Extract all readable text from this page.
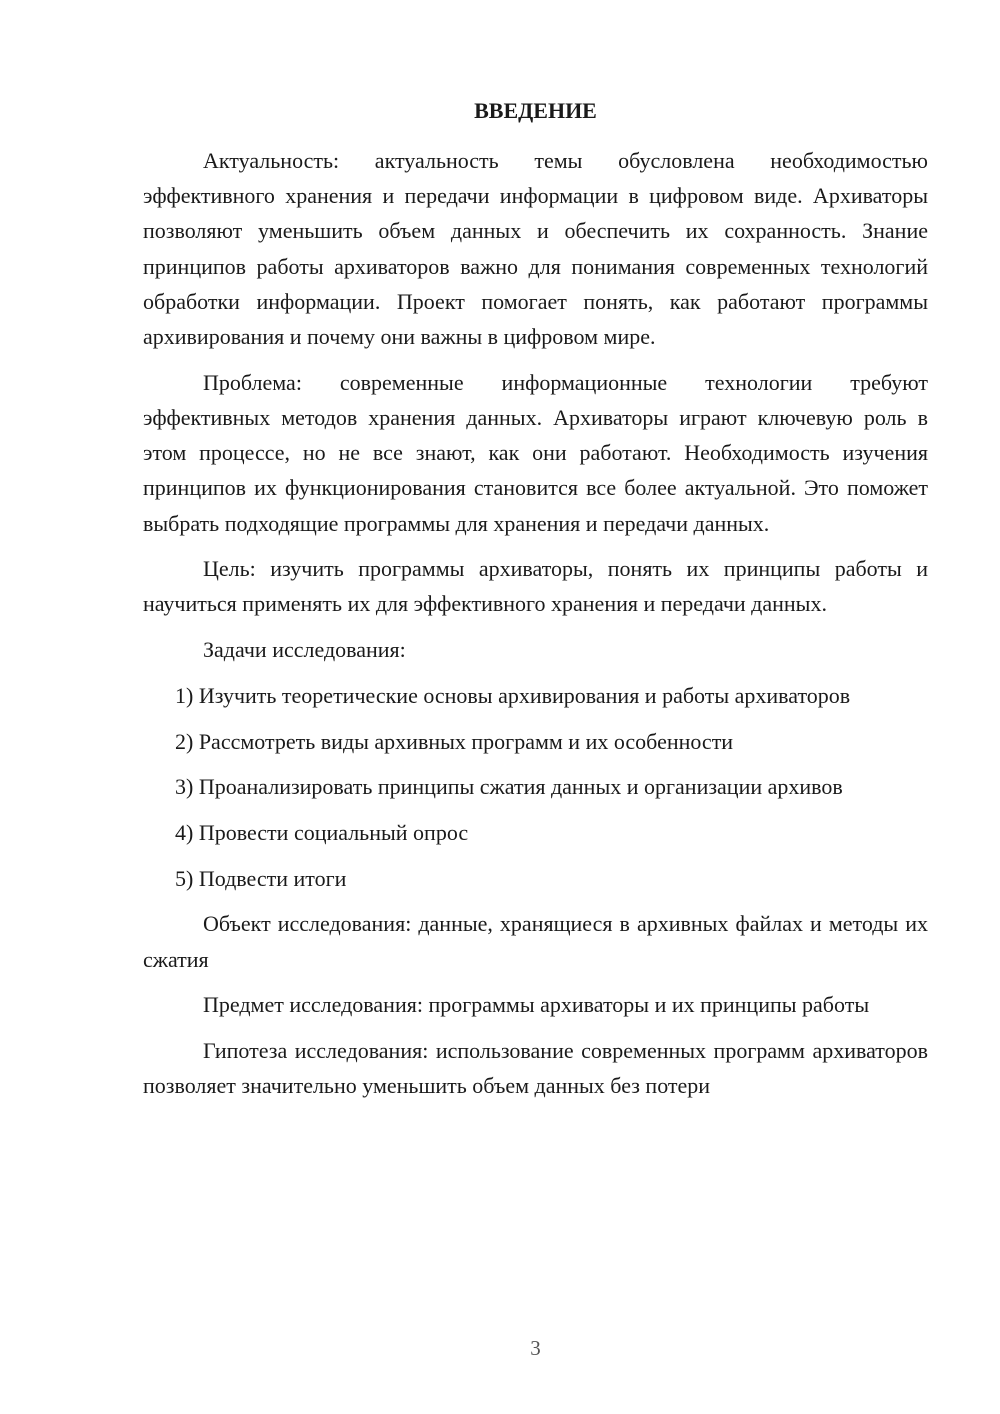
ВВЕДЕНИЕ

Актуальность: актуальность темы обусловлена необходимостью эффективного хранения и передачи информации в цифровом виде. Архиваторы позволяют уменьшить объем данных и обеспечить их сохранность. Знание принципов работы архиваторов важно для понимания современных технологий обработки информации. Проект помогает понять, как работают программы архивирования и почему они важны в цифровом мире.

Проблема: современные информационные технологии требуют эффективных методов хранения данных. Архиваторы играют ключевую роль в этом процессе, но не все знают, как они работают. Необходимость изучения принципов их функционирования становится все более актуальной. Это поможет выбрать подходящие программы для хранения и передачи данных.

Цель: изучить программы архиваторы, понять их принципы работы и научиться применять их для эффективного хранения и передачи данных.

Задачи исследования:

1) Изучить теоретические основы архивирования и работы архиваторов

2) Рассмотреть виды архивных программ и их особенности

3) Проанализировать принципы сжатия данных и организации архивов

4) Провести социальный опрос

5) Подвести итоги

Объект исследования: данные, хранящиеся в архивных файлах и методы их сжатия

Предмет исследования: программы архиваторы и их принципы работы

Гипотеза исследования: использование современных программ архиваторов позволяет значительно уменьшить объем данных без потери

3
